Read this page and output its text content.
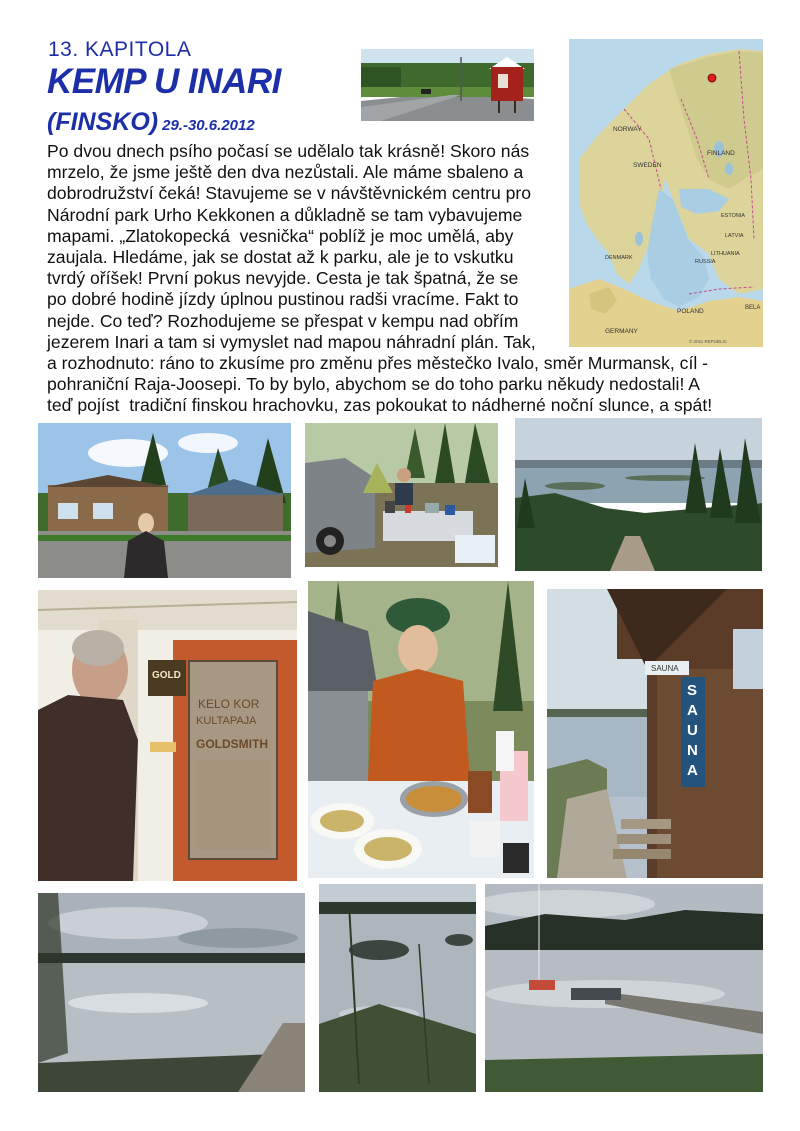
13. KAPITOLA
KEMP U INARI
(FINSKO) 29.-30.6.2012	NORWAY
SWEDEN
FINLAND
ESTONIA
LATVIA
LITHUANIA
RUSSIA
BELA
POLAND
DENMARK
GERMANY
© 2011 REPUBLIC
Po dvou dnech psího počasí se udělalo tak krásně! Skoro nás
mrzelo, že jsme ještě den dva nezůstali. Ale máme sbaleno a
dobrodružství čeká! Stavujeme se v návštěvnickém centru pro
Národní park Urho Kekkonen a důkladně se tam vybavujeme
mapami. „Zlatokopecká  vesnička“ poblíž je moc umělá, aby
zaujala. Hledáme, jak se dostat až k parku, ale je to vskutku
tvrdý oříšek! První pokus nevyjde. Cesta je tak špatná, že se
po dobré hodině jízdy úplnou pustinou radši vracíme. Fakt to
nejde. Co teď? Rozhodujeme se přespat v kempu nad obřím
jezerem Inari a tam si vymyslet nad mapou náhradní plán. Tak,
a rozhodnuto: ráno to zkusíme pro změnu přes městečko Ivalo, směr Murmansk, cíl -
pohraniční Raja-Joosepi. To by bylo, abychom se do toho parku někudy nedostali! A
teď pojíst  tradiční finskou hrachovku, zas pokoukat to nádherné noční slunce, a spát!
GOLD
KELO KOR
KULTAPAJA
GOLDSMITH
SAUNA
S
A
U
N
A
